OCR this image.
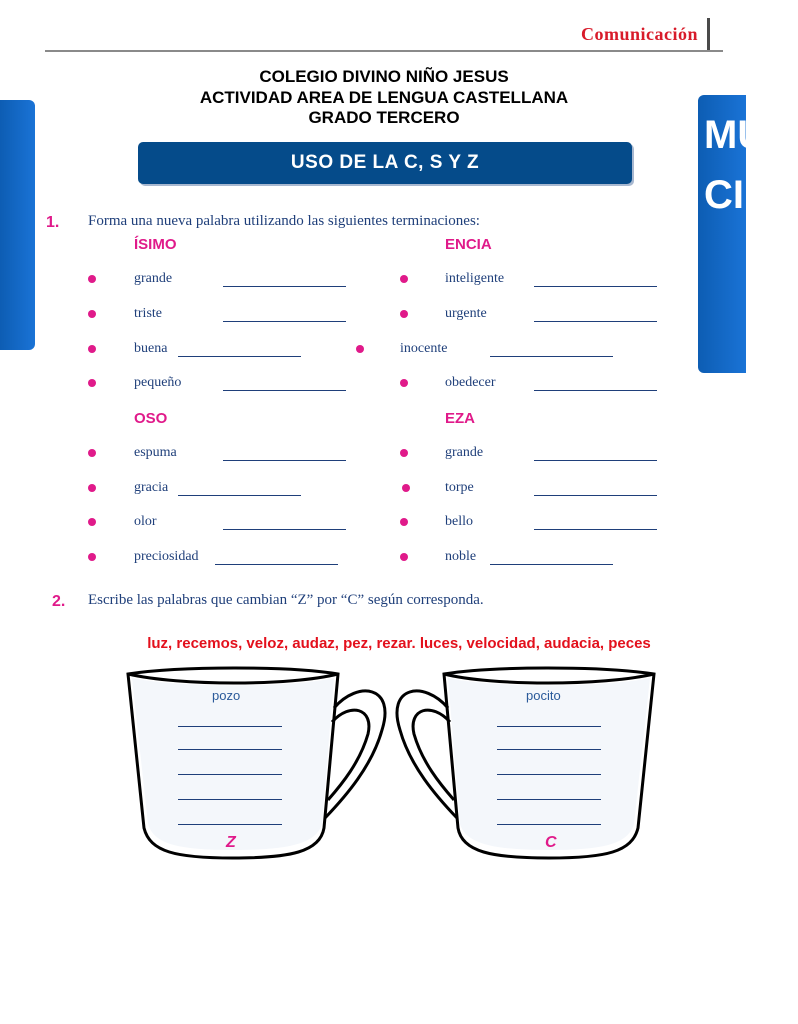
Comunicación
MU
CI
COLEGIO DIVINO NIÑO JESUS
ACTIVIDAD AREA DE LENGUA CASTELLANA
GRADO TERCERO
USO DE LA C, S Y Z
1. Forma una nueva palabra utilizando las siguientes terminaciones:
ÍSIMO	ENCIA
grande
triste
buena
pequeño
inteligente
urgente
inocente
obedecer
OSO	EZA
espuma
gracia
olor
preciosidad
grande
torpe
bello
noble
2. Escribe las palabras que cambian “Z” por “C” según corresponda.
luz, recemos, veloz, audaz, pez, rezar. luces, velocidad, audacia, peces
pozo
Z
pocito
C
